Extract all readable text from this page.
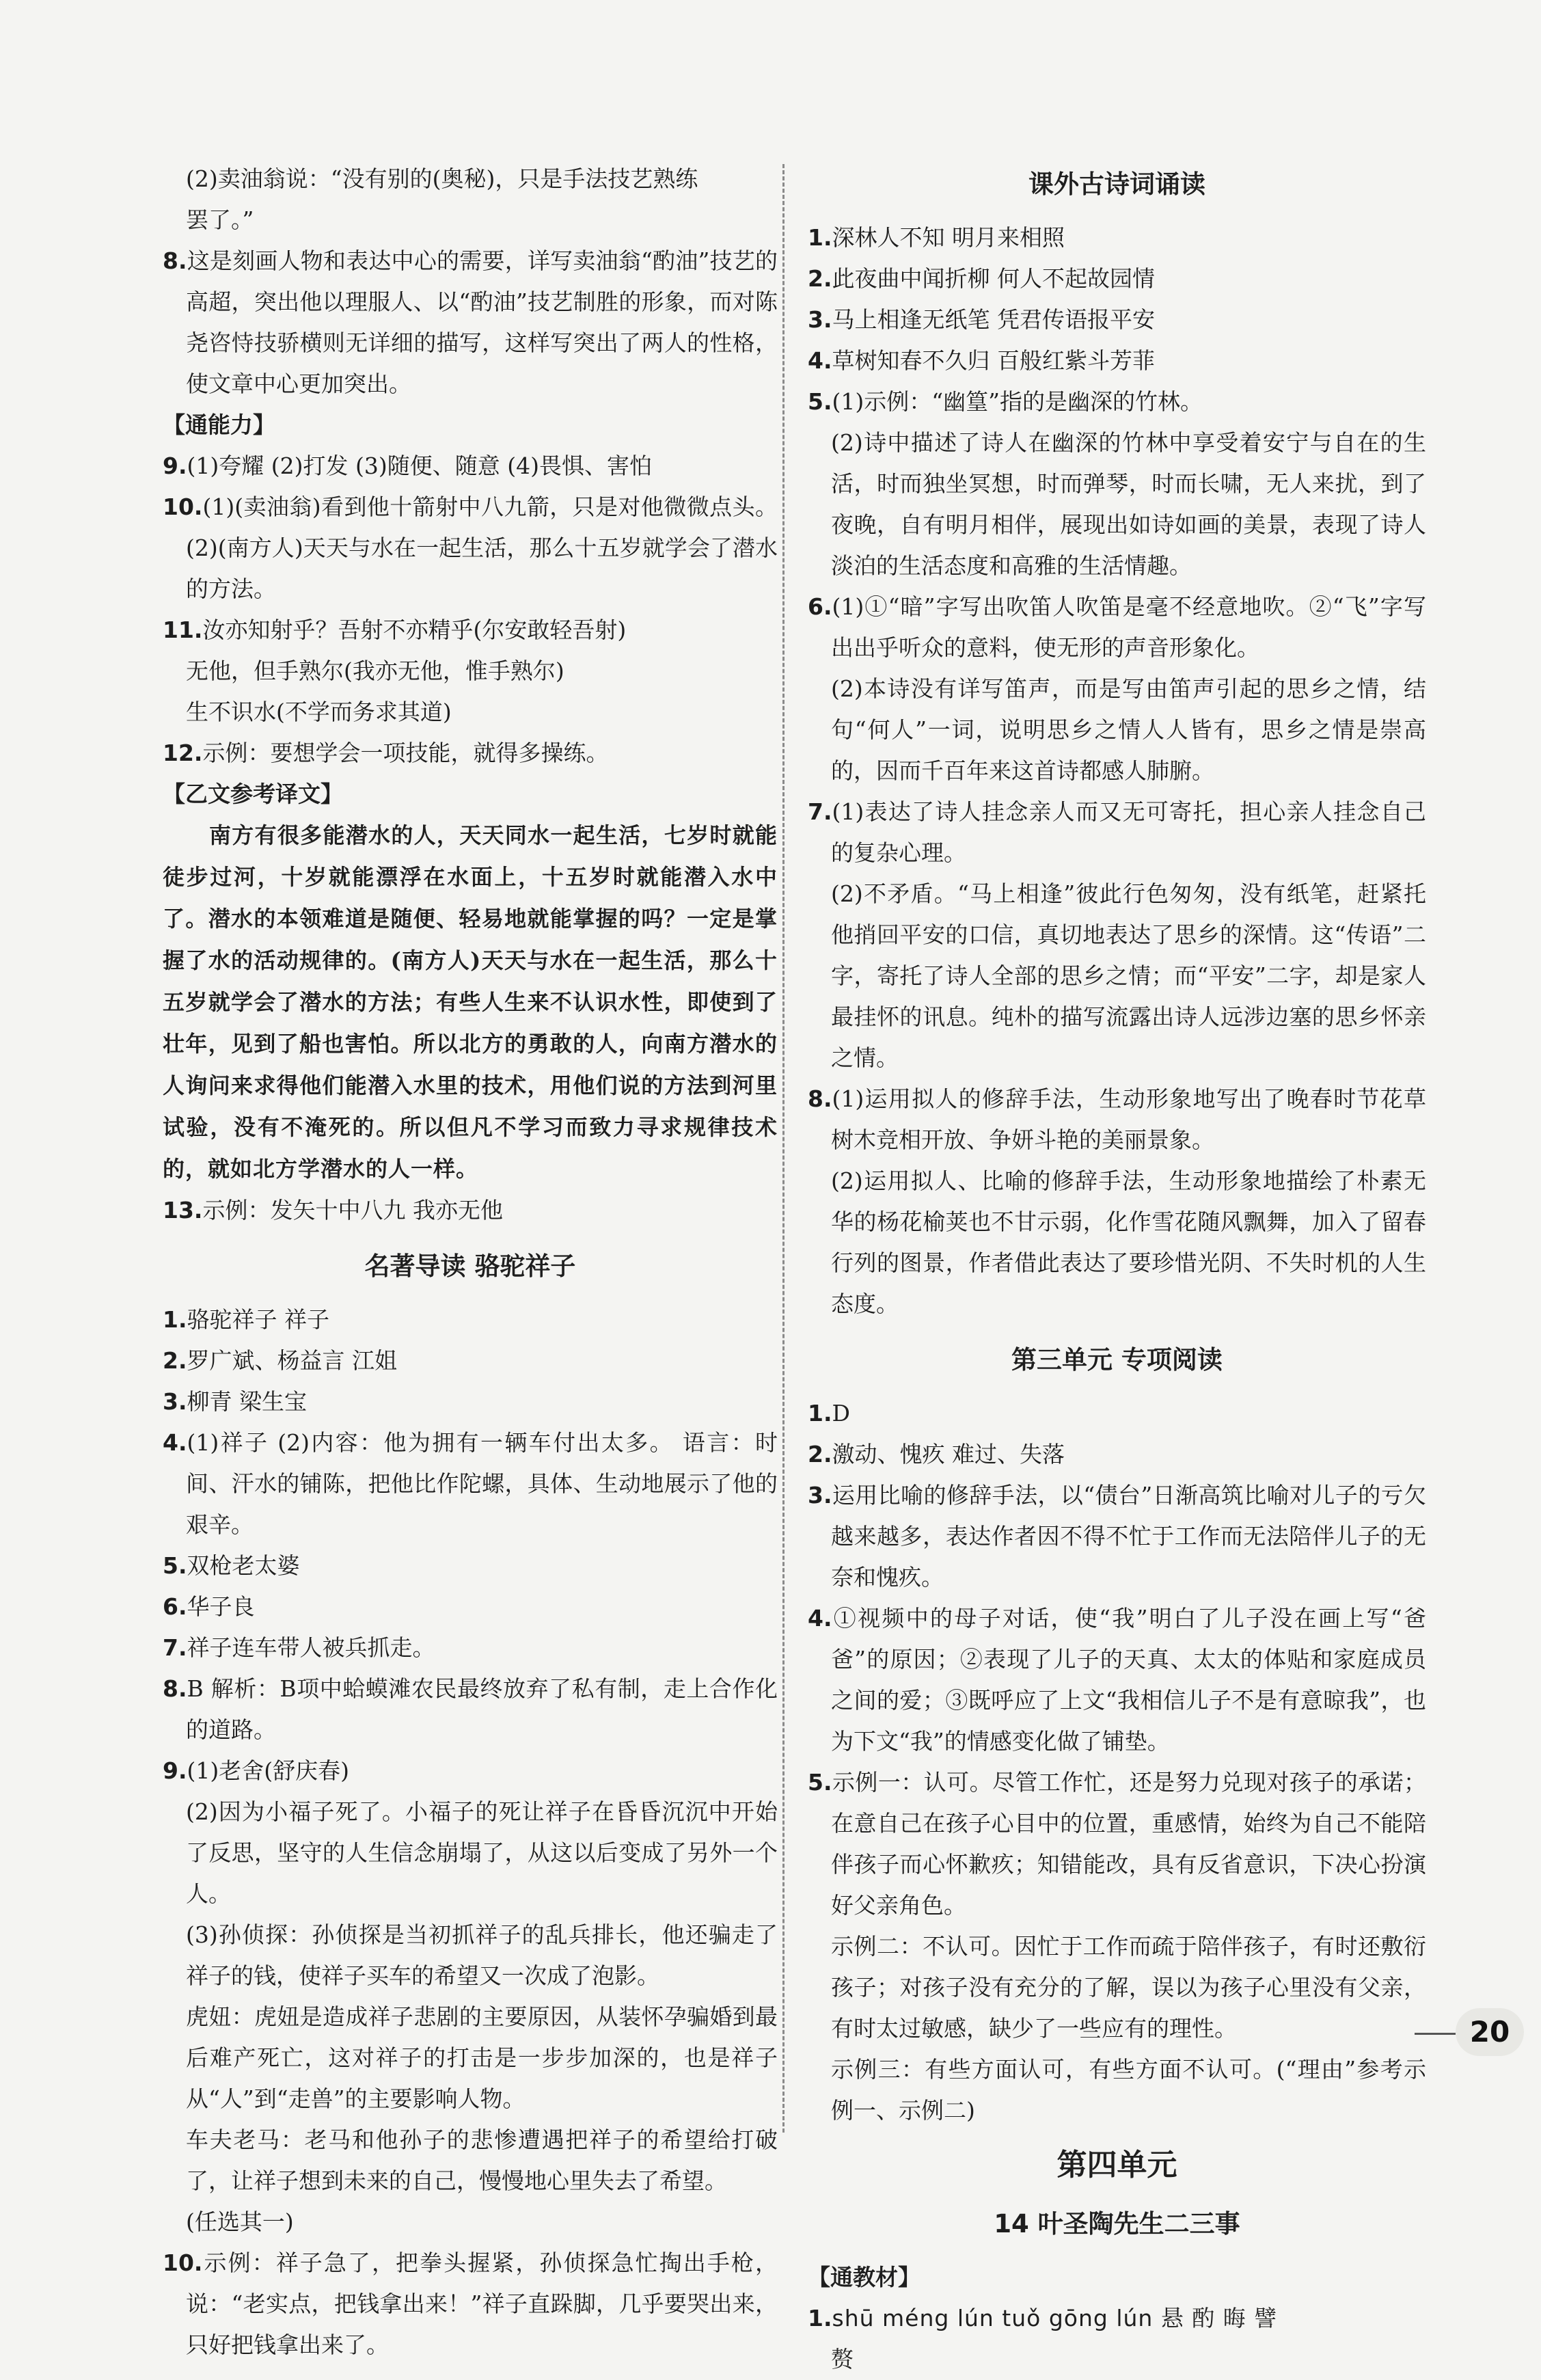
(2)卖油翁说：“没有别的(奥秘)，只是手法技艺熟练

罢了。”

8.这是刻画人物和表达中心的需要，详写卖油翁“酌油”技艺的高超，突出他以理服人、以“酌油”技艺制胜的形象，而对陈尧咨恃技骄横则无详细的描写，这样写突出了两人的性格，使文章中心更加突出。

【通能力】

9.(1)夸耀 (2)打发 (3)随便、随意 (4)畏惧、害怕

10.(1)(卖油翁)看到他十箭射中八九箭，只是对他微微点头。(2)(南方人)天天与水在一起生活，那么十五岁就学会了潜水的方法。

11.汝亦知射乎？吾射不亦精乎(尔安敢轻吾射)

无他，但手熟尔(我亦无他，惟手熟尔)

生不识水(不学而务求其道)

12.示例：要想学会一项技能，就得多操练。

【乙文参考译文】

南方有很多能潜水的人，天天同水一起生活，七岁时就能徒步过河，十岁就能漂浮在水面上，十五岁时就能潜入水中了。潜水的本领难道是随便、轻易地就能掌握的吗？一定是掌握了水的活动规律的。(南方人)天天与水在一起生活，那么十五岁就学会了潜水的方法；有些人生来不认识水性，即使到了壮年，见到了船也害怕。所以北方的勇敢的人，向南方潜水的人询问来求得他们能潜入水里的技术，用他们说的方法到河里试验，没有不淹死的。所以但凡不学习而致力寻求规律技术的，就如北方学潜水的人一样。

13.示例：发矢十中八九 我亦无他

名著导读 骆驼祥子

1.骆驼祥子 祥子

2.罗广斌、杨益言 江姐

3.柳青 梁生宝

4.(1)祥子 (2)内容：他为拥有一辆车付出太多。 语言：时间、汗水的铺陈，把他比作陀螺，具体、生动地展示了他的艰辛。

5.双枪老太婆

6.华子良

7.祥子连车带人被兵抓走。

8.B 解析：B项中蛤蟆滩农民最终放弃了私有制，走上合作化的道路。

9.(1)老舍(舒庆春)

(2)因为小福子死了。小福子的死让祥子在昏昏沉沉中开始了反思，坚守的人生信念崩塌了，从这以后变成了另外一个人。

(3)孙侦探：孙侦探是当初抓祥子的乱兵排长，他还骗走了祥子的钱，使祥子买车的希望又一次成了泡影。

虎妞：虎妞是造成祥子悲剧的主要原因，从装怀孕骗婚到最后难产死亡，这对祥子的打击是一步步加深的，也是祥子从“人”到“走兽”的主要影响人物。

车夫老马：老马和他孙子的悲惨遭遇把祥子的希望给打破了，让祥子想到未来的自己，慢慢地心里失去了希望。

(任选其一)

10.示例：祥子急了，把拳头握紧，孙侦探急忙掏出手枪，说：“老实点，把钱拿出来！”祥子直跺脚，几乎要哭出来，只好把钱拿出来了。

课外古诗词诵读

1.深林人不知 明月来相照

2.此夜曲中闻折柳 何人不起故园情

3.马上相逢无纸笔 凭君传语报平安

4.草树知春不久归 百般红紫斗芳菲

5.(1)示例：“幽篁”指的是幽深的竹林。

(2)诗中描述了诗人在幽深的竹林中享受着安宁与自在的生活，时而独坐冥想，时而弹琴，时而长啸，无人来扰，到了夜晚，自有明月相伴，展现出如诗如画的美景，表现了诗人淡泊的生活态度和高雅的生活情趣。

6.(1)①“暗”字写出吹笛人吹笛是毫不经意地吹。②“飞”字写出出乎听众的意料，使无形的声音形象化。

(2)本诗没有详写笛声，而是写由笛声引起的思乡之情，结句“何人”一词，说明思乡之情人人皆有，思乡之情是崇高的，因而千百年来这首诗都感人肺腑。

7.(1)表达了诗人挂念亲人而又无可寄托，担心亲人挂念自己的复杂心理。

(2)不矛盾。“马上相逢”彼此行色匆匆，没有纸笔，赶紧托他捎回平安的口信，真切地表达了思乡的深情。这“传语”二字，寄托了诗人全部的思乡之情；而“平安”二字，却是家人最挂怀的讯息。纯朴的描写流露出诗人远涉边塞的思乡怀亲之情。

8.(1)运用拟人的修辞手法，生动形象地写出了晚春时节花草树木竞相开放、争妍斗艳的美丽景象。

(2)运用拟人、比喻的修辞手法，生动形象地描绘了朴素无华的杨花榆荚也不甘示弱，化作雪花随风飘舞，加入了留春行列的图景，作者借此表达了要珍惜光阴、不失时机的人生态度。

第三单元 专项阅读

1.D

2.激动、愧疚 难过、失落

3.运用比喻的修辞手法，以“债台”日渐高筑比喻对儿子的亏欠越来越多，表达作者因不得不忙于工作而无法陪伴儿子的无奈和愧疚。

4.①视频中的母子对话，使“我”明白了儿子没在画上写“爸爸”的原因；②表现了儿子的天真、太太的体贴和家庭成员之间的爱；③既呼应了上文“我相信儿子不是有意晾我”，也为下文“我”的情感变化做了铺垫。

5.示例一：认可。尽管工作忙，还是努力兑现对孩子的承诺；在意自己在孩子心目中的位置，重感情，始终为自己不能陪伴孩子而心怀歉疚；知错能改，具有反省意识，下决心扮演好父亲角色。

示例二：不认可。因忙于工作而疏于陪伴孩子，有时还敷衍孩子；对孩子没有充分的了解，误以为孩子心里没有父亲，有时太过敏感，缺少了一些应有的理性。

示例三：有些方面认可，有些方面不认可。(“理由”参考示例一、示例二)

第四单元
14 叶圣陶先生二三事

【通教材】

1.shū méng lún tuǒ gōng lún 悬 酌 晦 譬

赘

20
